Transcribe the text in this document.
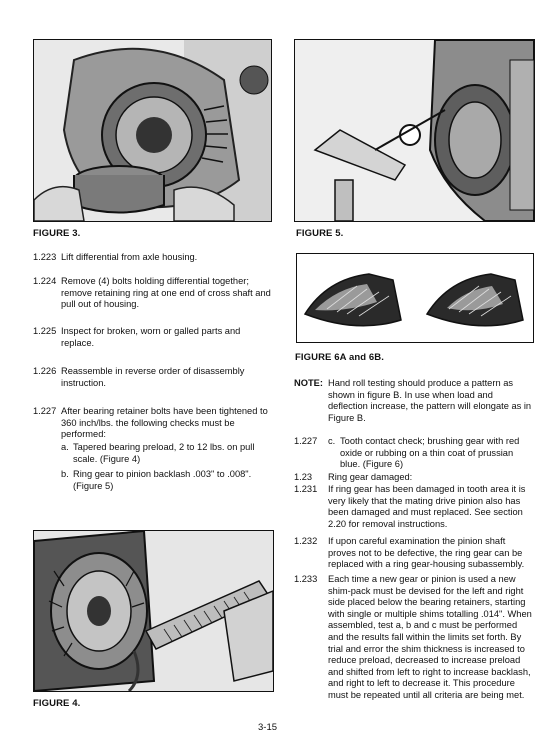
FIGURE 3.	FIGURE 5.
FIGURE 6A and 6B.
1.223 Lift differential from axle housing.
1.224 Remove (4) bolts holding differential together; remove retaining ring at one end of cross shaft and pull out of housing.
1.225 Inspect for broken, worn or galled parts and replace.
1.226 Reassemble in reverse order of disassembly instruction.
1.227 After bearing retainer bolts have been tightened to 360 inch/lbs. the following checks must be performed:
a. Tapered bearing preload, 2 to 12 lbs. on pull scale. (Figure 4)
b. Ring gear to pinion backlash .003" to .008". (Figure 5)
FIGURE 4.
NOTE: Hand roll testing should produce a pattern as shown in figure B. In use when load and deflection increase, the pattern will elongate as in Figure B.
1.227 c. Tooth contact check; brushing gear with red oxide or rubbing on a thin coat of prussian blue. (Figure 6)
1.23 Ring gear damaged:
1.231 If ring gear has been damaged in tooth area it is very likely that the mating drive pinion also has been damaged and must replaced. See section 2.20 for removal instructions.
1.232 If upon careful examination the pinion shaft proves not to be defective, the ring gear can be replaced with a ring gear-housing subassembly.
1.233 Each time a new gear or pinion is used a new shim-pack must be devised for the left and right side placed below the bearing retainers, starting with single or multiple shims totalling .014". When assembled, test a, b and c must be performed and the results fall within the limits set forth. By trial and error the shim thickness is increased to reduce preload, decreased to increase preload and shifted from left to right to increase backlash, and right to left to decrease it. This procedure must be repeated until all criteria are being met.
3-15
